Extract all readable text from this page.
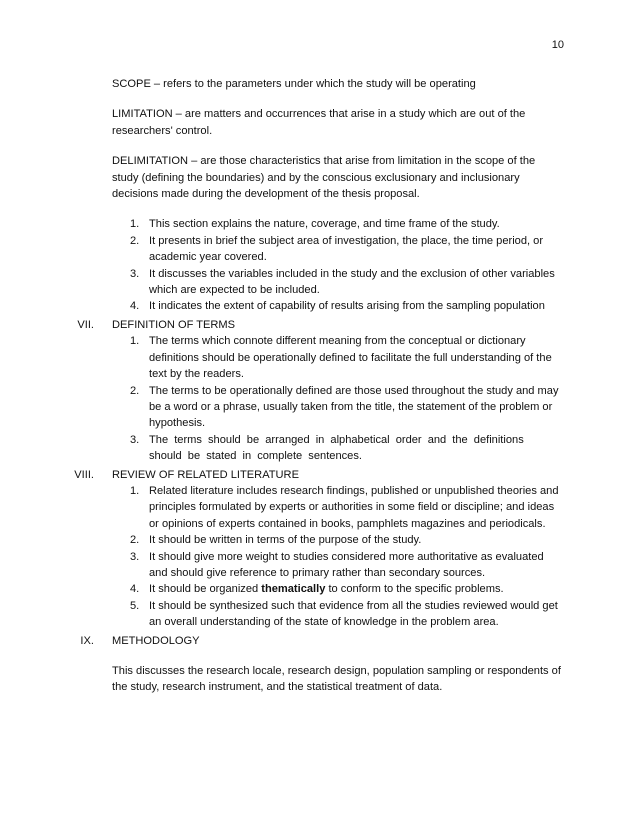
10

SCOPE – refers to the parameters under which the study will be operating

LIMITATION – are matters and occurrences that arise in a study which are out of the researchers' control.

DELIMITATION – are those characteristics that arise from limitation in the scope of the study (defining the boundaries) and by the conscious exclusionary and inclusionary decisions made during the development of the thesis proposal.

1. This section explains the nature, coverage, and time frame of the study.
2. It presents in brief the subject area of investigation, the place, the time period, or academic year covered.
3. It discusses the variables included in the study and the exclusion of other variables which are expected to be included.
4. It indicates the extent of capability of results arising from the sampling population
VII. DEFINITION OF TERMS

1. The terms which connote different meaning from the conceptual or dictionary definitions should be operationally defined to facilitate the full understanding of the text by the readers.
2. The terms to be operationally defined are those used throughout the study and may be a word or a phrase, usually taken from the title, the statement of the problem or hypothesis.
3. The terms should be arranged in alphabetical order and the definitions should be stated in complete sentences.
VIII. REVIEW OF RELATED LITERATURE

1. Related literature includes research findings, published or unpublished theories and principles formulated by experts or authorities in some field or discipline; and ideas or opinions of experts contained in books, pamphlets magazines and periodicals.
2. It should be written in terms of the purpose of the study.
3. It should give more weight to studies considered more authoritative as evaluated and should give reference to primary rather than secondary sources.
4. It should be organized thematically to conform to the specific problems.
5. It should be synthesized such that evidence from all the studies reviewed would get an overall understanding of the state of knowledge in the problem area.
IX. METHODOLOGY

This discusses the research locale, research design, population sampling or respondents of the study, research instrument, and the statistical treatment of data.
